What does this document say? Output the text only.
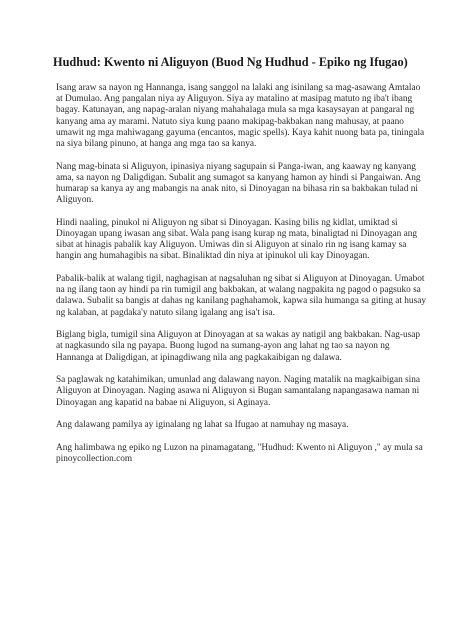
Hudhud: Kwento ni Aliguyon (Buod Ng Hudhud - Epiko ng Ifugao)

Isang araw sa nayon ng Hannanga, isang sanggol na lalaki ang isinilang sa mag-asawang Amtalao at Dumulao. Ang pangalan niya ay Aliguyon. Siya ay matalino at masipag matuto ng iba't ibang bagay. Katunayan, ang napag-aralan niyang mahahalaga mula sa mga kasaysayan at pangaral ng kanyang ama ay marami. Natuto siya kung paano makipag-bakbakan nang mahusay, at paano umawit ng mga mahiwagang gayuma (encantos, magic spells). Kaya kahit nuong bata pa, tiningala na siya bilang pinuno, at hanga ang mga tao sa kanya.

Nang mag-binata si Aliguyon, ipinasiya niyang sagupain si Panga-iwan, ang kaaway ng kanyang ama, sa nayon ng Daligdigan. Subalit ang sumagot sa kanyang hamon ay hindi si Pangaiwan. Ang humarap sa kanya ay ang mabangis na anak nito, si Dinoyagan na bihasa rin sa bakbakan tulad ni Aliguyon.

Hindi naaling, pinukol ni Aliguyon ng sibat si Dinoyagan. Kasing bilis ng kidlat, umiktad si Dinoyagan upang iwasan ang sibat. Wala pang isang kurap ng mata, binaligtad ni Dinoyagan ang sibat at hinagis pabalik kay Aliguyon. Umiwas din si Aliguyon at sinalo rin ng isang kamay sa hangin ang humahagibis na sibat. Binaliktad din niya at ipinukol uli kay Dinoyagan.

Pabalik-balik at walang tigil, naghagisan at nagsaluhan ng sibat si Aliguyon at Dinoyagan. Umabot na ng ilang taon ay hindi pa rin tumigil ang bakbakan, at walang nagpakita ng pagod o pagsuko sa dalawa. Subalit sa bangis at dahas ng kanilang paghahamok, kapwa sila humanga sa giting at husay ng kalaban, at pagdaka'y natuto silang igalang ang isa't isa.

Biglang bigla, tumigil sina Aliguyon at Dinoyagan at sa wakas ay natigil ang bakbakan. Nag-usap at nagkasundo sila ng payapa. Buong lugod na sumang-ayon ang lahat ng tao sa nayon ng Hannanga at Daligdigan, at ipinagdiwang nila ang pagkakaibigan ng dalawa.

Sa paglawak ng katahimikan, umunlad ang dalawang nayon. Naging matalik na magkaibigan sina Aliguyon at Dinoyagan. Naging asawa ni Aliguyon si Bugan samantalang napangasawa naman ni Dinoyagan ang kapatid na babae ni Aliguyon, si Aginaya.

Ang dalawang pamilya ay iginalang ng lahat sa Ifugao at namuhay ng masaya.

Ang halimbawa ng epiko ng Luzon na pinamagatang, "Hudhud: Kwento ni Aliguyon ," ay mula sa pinoycollection.com
